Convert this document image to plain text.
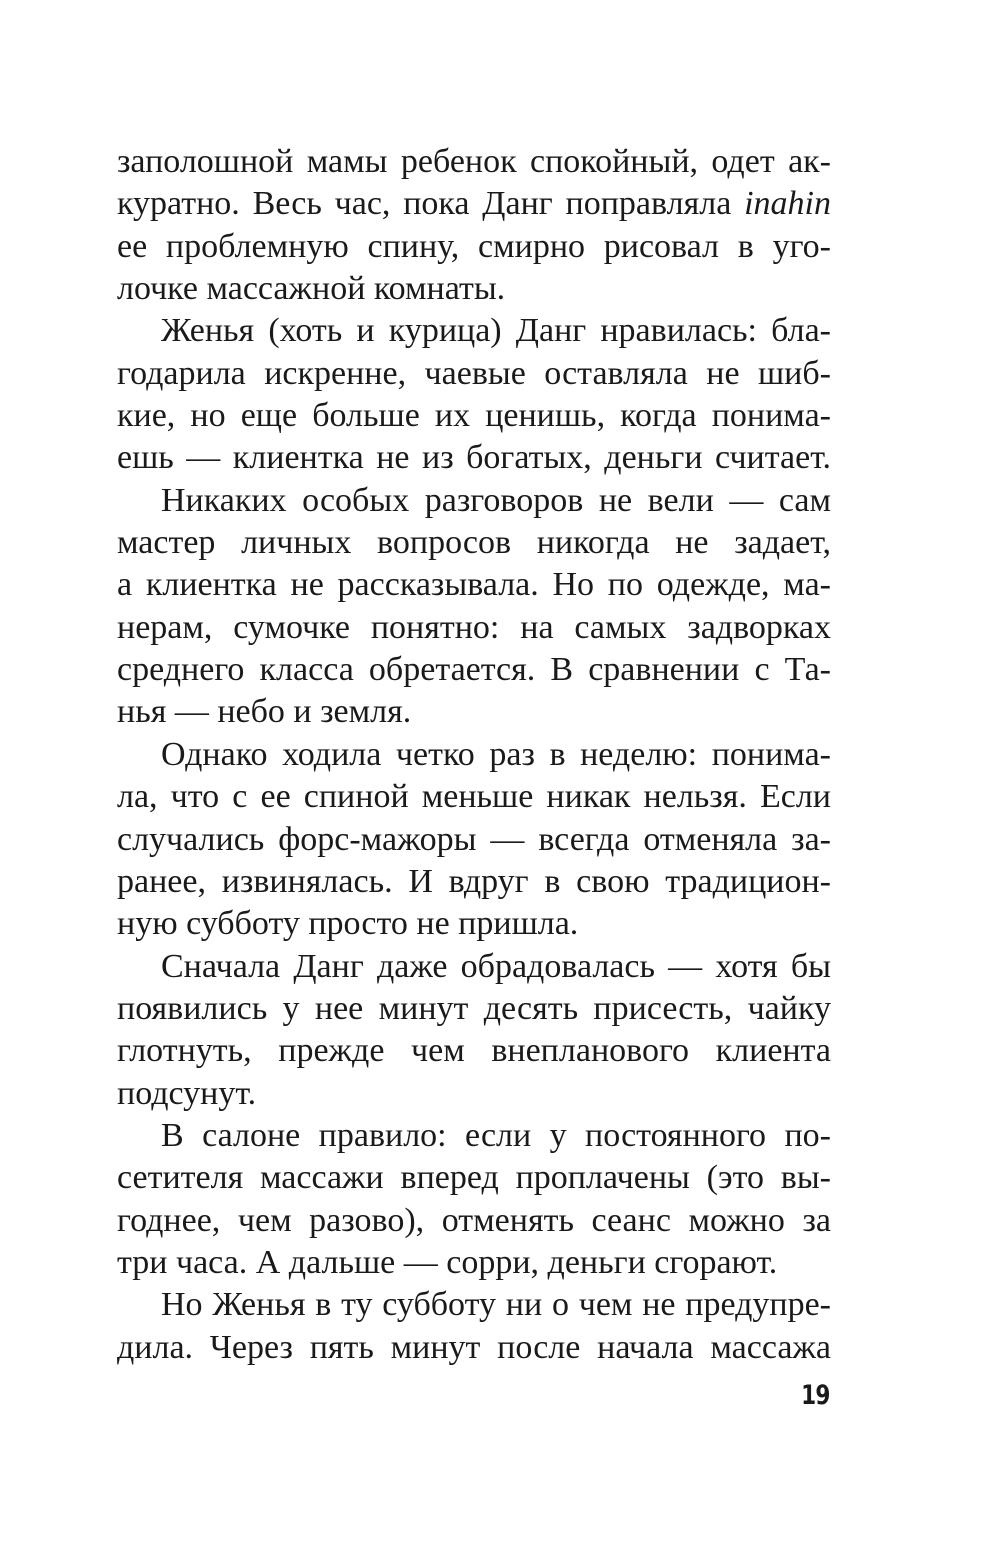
заполошной мамы ребенок спокойный, одет ак-
куратно. Весь час, пока Данг поправляла inahin
ее проблемную спину, смирно рисовал в уго-
лочке массажной комнаты.
Женья (хоть и курица) Данг нравилась: бла-
годарила искренне, чаевые оставляла не шиб-
кие, но еще больше их ценишь, когда понима-
ешь — клиентка не из богатых, деньги считает.
Никаких особых разговоров не вели — сам
мастер личных вопросов никогда не задает,
а клиентка не рассказывала. Но по одежде, ма-
нерам, сумочке понятно: на самых задворках
среднего класса обретается. В сравнении с Та-
нья — небо и земля.
Однако ходила четко раз в неделю: понима-
ла, что с ее спиной меньше никак нельзя. Если
случались форс-мажоры — всегда отменяла за-
ранее, извинялась. И вдруг в свою традицион-
ную субботу просто не пришла.
Сначала Данг даже обрадовалась — хотя бы
появились у нее минут десять присесть, чайку
глотнуть, прежде чем внепланового клиента
подсунут.
В салоне правило: если у постоянного по-
сетителя массажи вперед проплачены (это вы-
годнее, чем разово), отменять сеанс можно за
три часа. А дальше — сорри, деньги сгорают.
Но Женья в ту субботу ни о чем не предупре-
дила. Через пять минут после начала массажа
19
